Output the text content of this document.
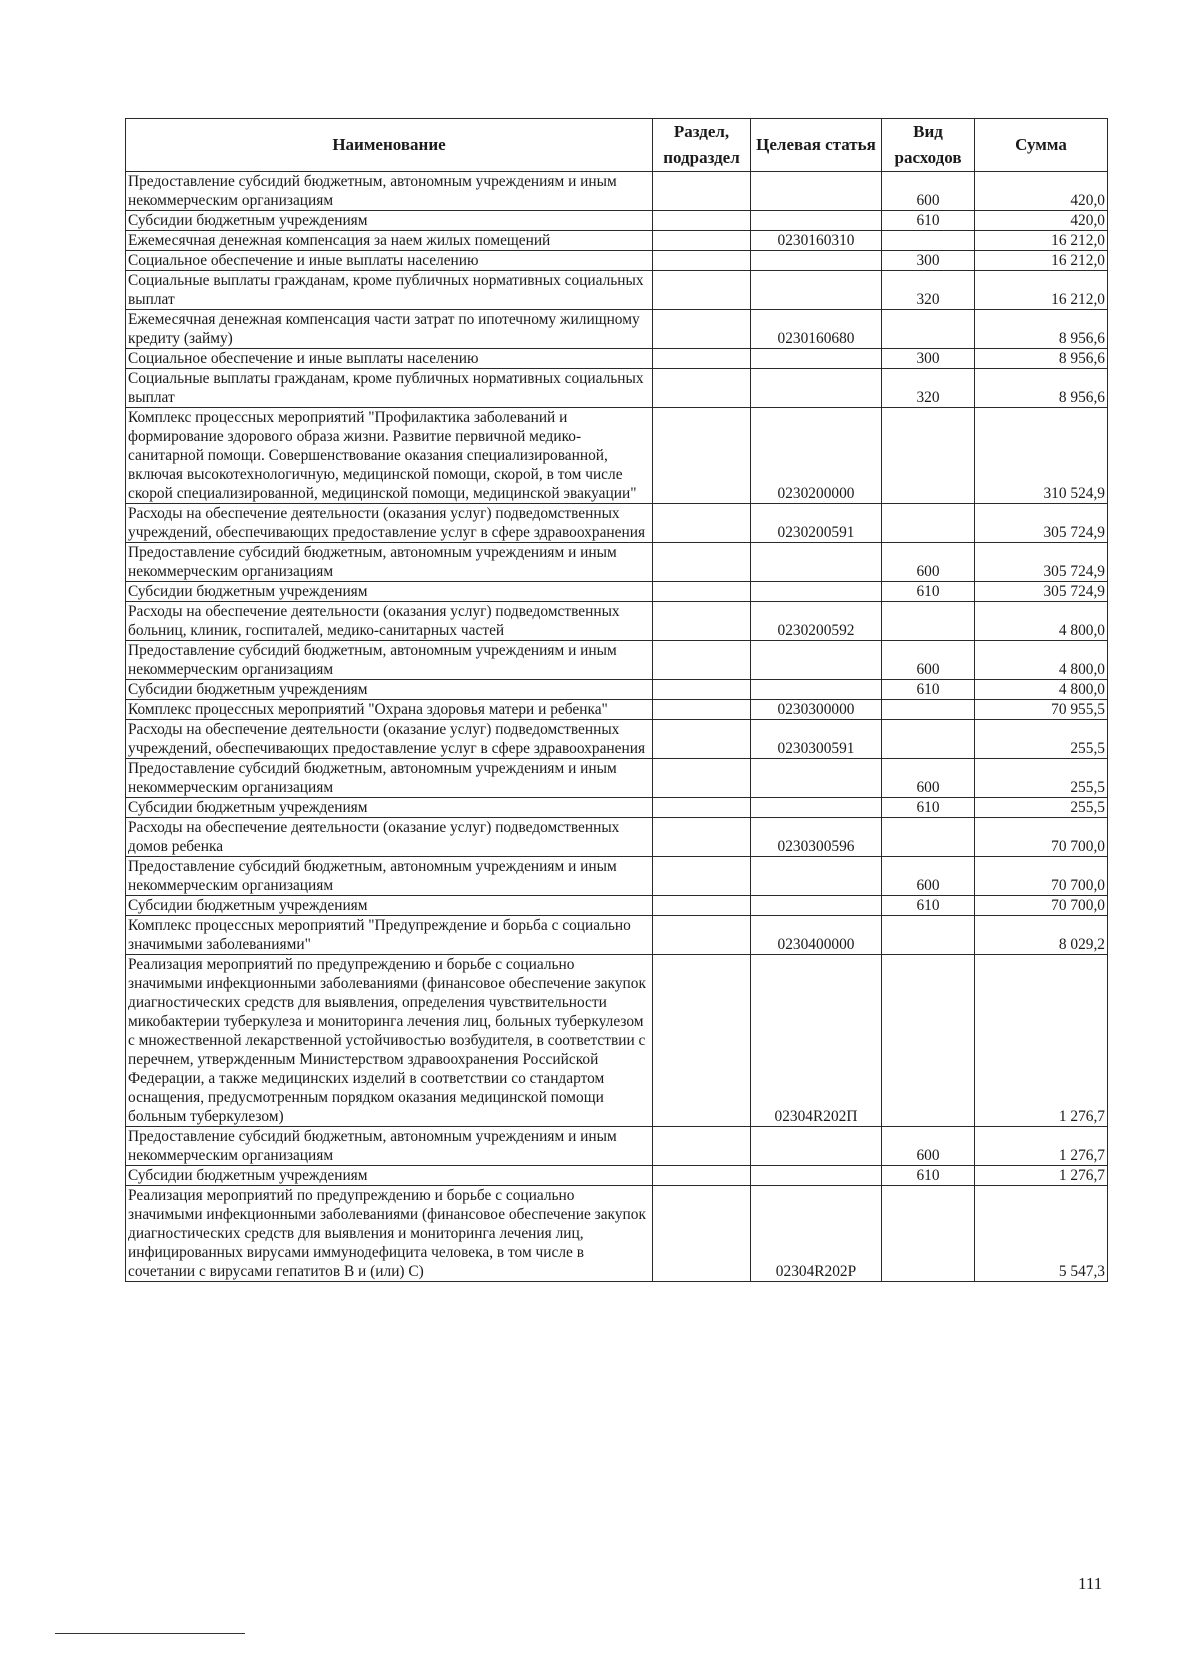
Наименование	Раздел, подраздел	Целевая статья	Вид расходов	Сумма
Предоставление субсидий бюджетным, автономным учреждениям и иным некоммерческим организациям			600	420,0
Субсидии бюджетным учреждениям			610	420,0
Ежемесячная денежная компенсация за наем жилых помещений		0230160310		16 212,0
Социальное обеспечение и иные выплаты населению			300	16 212,0
Социальные выплаты гражданам, кроме публичных нормативных социальных выплат			320	16 212,0
Ежемесячная денежная компенсация части затрат по ипотечному жилищному кредиту (займу)		0230160680		8 956,6
Социальное обеспечение и иные выплаты населению			300	8 956,6
Социальные выплаты гражданам, кроме публичных нормативных социальных выплат			320	8 956,6
Комплекс процессных мероприятий "Профилактика заболеваний и формирование здорового образа жизни. Развитие первичной медико-санитарной помощи. Совершенствование оказания специализированной, включая высокотехнологичную, медицинской помощи, скорой, в том числе скорой специализированной, медицинской помощи, медицинской эвакуации"		0230200000		310 524,9
Расходы на обеспечение деятельности (оказания услуг) подведомственных учреждений, обеспечивающих предоставление услуг в сфере здравоохранения		0230200591		305 724,9
Предоставление субсидий бюджетным, автономным учреждениям и иным некоммерческим организациям			600	305 724,9
Субсидии бюджетным учреждениям			610	305 724,9
Расходы на обеспечение деятельности (оказания услуг) подведомственных больниц, клиник, госпиталей, медико-санитарных частей		0230200592		4 800,0
Предоставление субсидий бюджетным, автономным учреждениям и иным некоммерческим организациям			600	4 800,0
Субсидии бюджетным учреждениям			610	4 800,0
Комплекс процессных мероприятий "Охрана здоровья матери и ребенка"		0230300000		70 955,5
Расходы на обеспечение деятельности (оказание услуг) подведомственных учреждений, обеспечивающих предоставление услуг в сфере здравоохранения		0230300591		255,5
Предоставление субсидий бюджетным, автономным учреждениям и иным некоммерческим организациям			600	255,5
Субсидии бюджетным учреждениям			610	255,5
Расходы на обеспечение деятельности (оказание услуг) подведомственных домов ребенка		0230300596		70 700,0
Предоставление субсидий бюджетным, автономным учреждениям и иным некоммерческим организациям			600	70 700,0
Субсидии бюджетным учреждениям			610	70 700,0
Комплекс процессных мероприятий "Предупреждение и борьба с социально значимыми заболеваниями"		0230400000		8 029,2
Реализация мероприятий по предупреждению и борьбе с социально значимыми инфекционными заболеваниями (финансовое обеспечение закупок диагностических средств для выявления, определения чувствительности микобактерии туберкулеза и мониторинга лечения лиц, больных туберкулезом с множественной лекарственной устойчивостью возбудителя, в соответствии с перечнем, утвержденным Министерством здравоохранения Российской Федерации, а также медицинских изделий в соответствии со стандартом оснащения, предусмотренным порядком оказания медицинской помощи больным туберкулезом)		02304R202П		1 276,7
Предоставление субсидий бюджетным, автономным учреждениям и иным некоммерческим организациям			600	1 276,7
Субсидии бюджетным учреждениям			610	1 276,7
Реализация мероприятий по предупреждению и борьбе с социально значимыми инфекционными заболеваниями (финансовое обеспечение закупок диагностических средств для выявления и мониторинга лечения лиц, инфицированных вирусами иммунодефицита человека, в том числе в сочетании с вирусами гепатитов В и (или) С)		02304R202P		5 547,3
111
